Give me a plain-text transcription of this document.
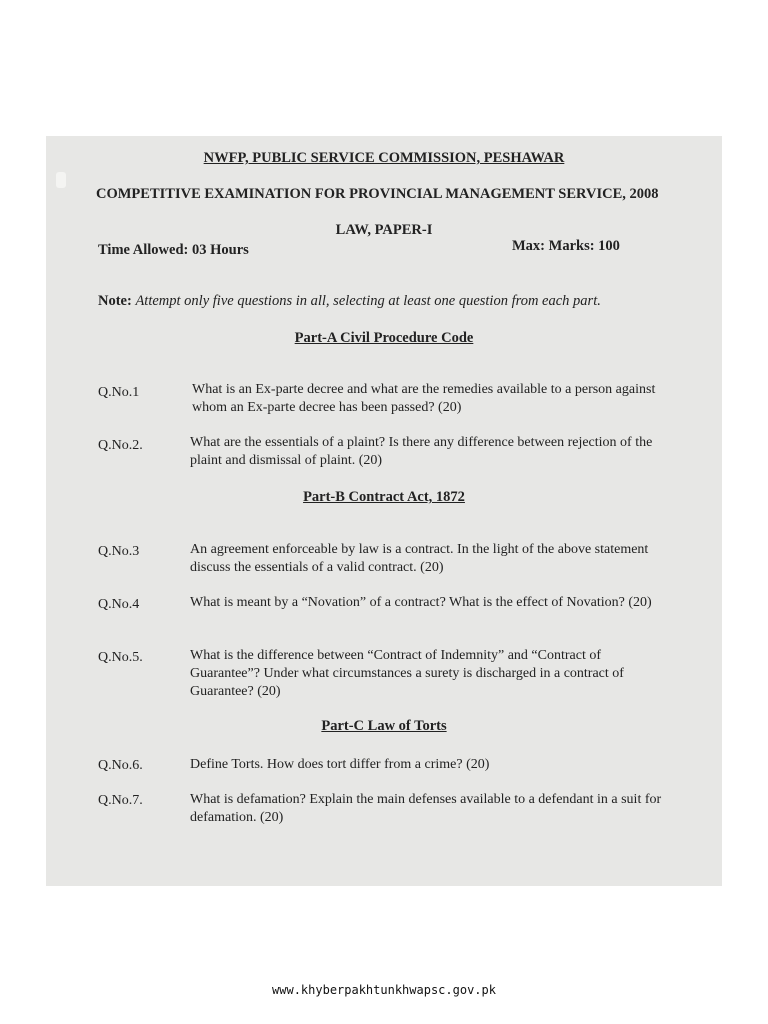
NWFP, PUBLIC SERVICE COMMISSION, PESHAWAR
COMPETITIVE EXAMINATION FOR PROVINCIAL MANAGEMENT SERVICE, 2008
LAW, PAPER-I
Time Allowed: 03 Hours	Max: Marks: 100
Note: Attempt only five questions in all, selecting at least one question from each part.
Part-A Civil Procedure Code
Q.No.1	What is an Ex-parte decree and what are the remedies available to a person against whom an Ex-parte decree has been passed? (20)
Q.No.2.	What are the essentials of a plaint? Is there any difference between rejection of the plaint and dismissal of plaint. (20)
Part-B Contract Act, 1872
Q.No.3	An agreement enforceable by law is a contract. In the light of the above statement discuss the essentials of a valid contract. (20)
Q.No.4	What is meant by a “Novation” of a contract? What is the effect of Novation? (20)
Q.No.5.	What is the difference between “Contract of Indemnity” and “Contract of Guarantee”? Under what circumstances a surety is discharged in a contract of Guarantee? (20)
Part-C Law of Torts
Q.No.6.	Define Torts. How does tort differ from a crime? (20)
Q.No.7.	What is defamation? Explain the main defenses available to a defendant in a suit for defamation. (20)
www.khyberpakhtunkhwapsc.gov.pk
